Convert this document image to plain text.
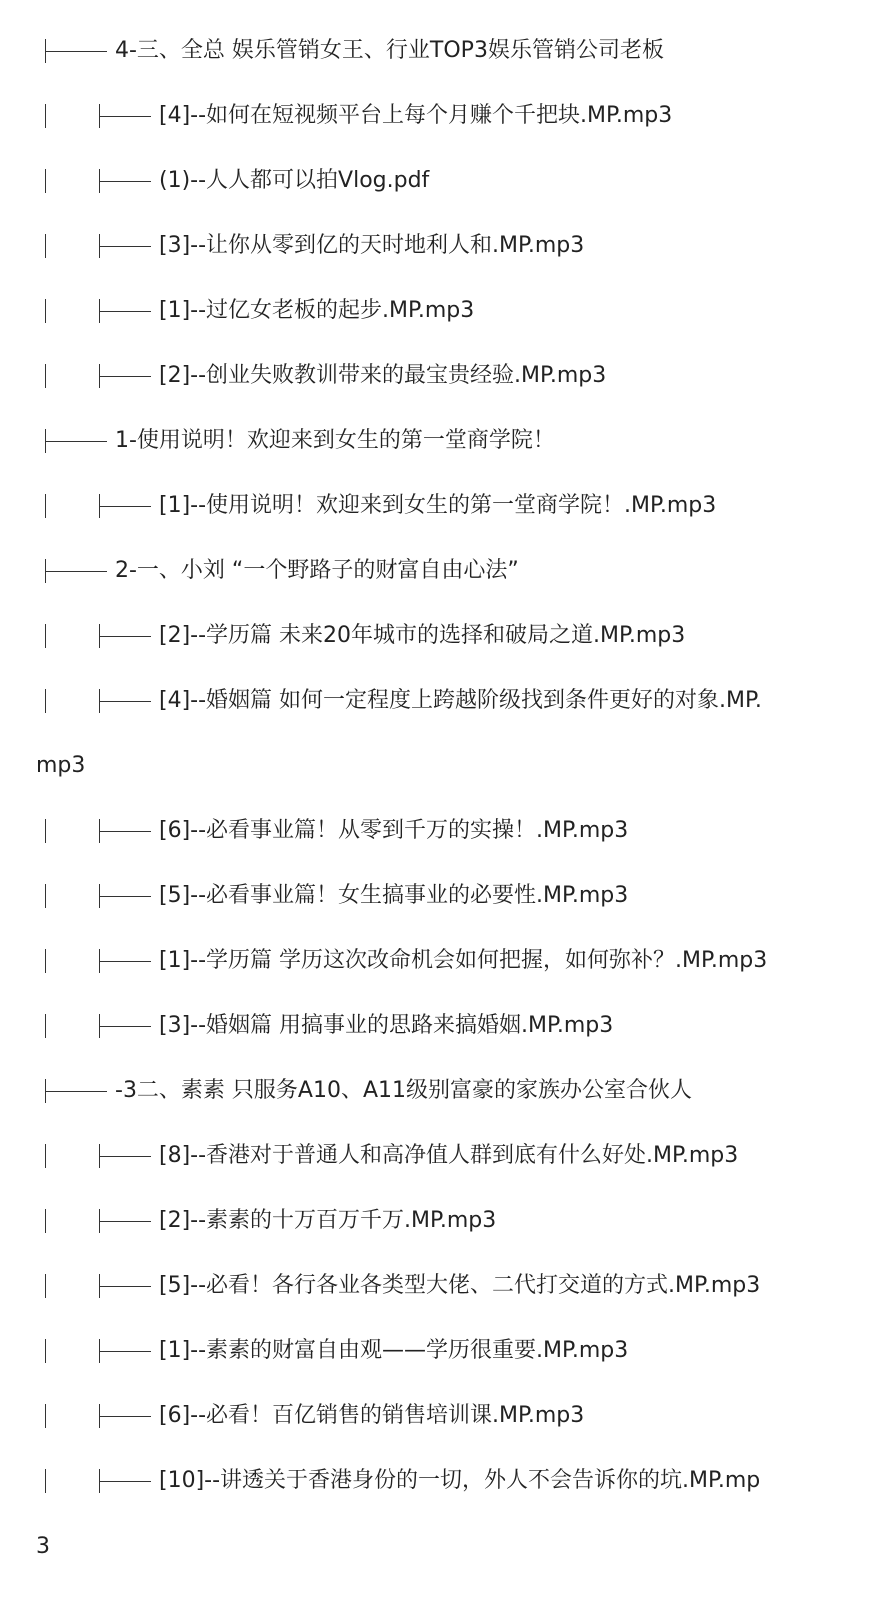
4-三、全总 娱乐管销女王、行业TOP3娱乐管销公司老板
[4]--如何在短视频平台上每个月赚个千把块.MP.mp3
(1)--人人都可以拍Vlog.pdf
[3]--让你从零到亿的天时地利人和.MP.mp3
[1]--过亿女老板的起步.MP.mp3
[2]--创业失败教训带来的最宝贵经验.MP.mp3
1-使用说明！欢迎来到女生的第一堂商学院！
[1]--使用说明！欢迎来到女生的第一堂商学院！.MP.mp3
2-一、小刘 “一个野路子的财富自由心法”
[2]--学历篇 未来20年城市的选择和破局之道.MP.mp3
[4]--婚姻篇 如何一定程度上跨越阶级找到条件更好的对象.MP.
mp3
[6]--必看事业篇！从零到千万的实操！.MP.mp3
[5]--必看事业篇！女生搞事业的必要性.MP.mp3
[1]--学历篇 学历这次改命机会如何把握，如何弥补？.MP.mp3
[3]--婚姻篇 用搞事业的思路来搞婚姻.MP.mp3
-3二、素素 只服务A10、A11级别富豪的家族办公室合伙人
[8]--香港对于普通人和高净值人群到底有什么好处.MP.mp3
[2]--素素的十万百万千万.MP.mp3
[5]--必看！各行各业各类型大佬、二代打交道的方式.MP.mp3
[1]--素素的财富自由观——学历很重要.MP.mp3
[6]--必看！百亿销售的销售培训课.MP.mp3
[10]--讲透关于香港身份的一切，外人不会告诉你的坑.MP.mp
3
